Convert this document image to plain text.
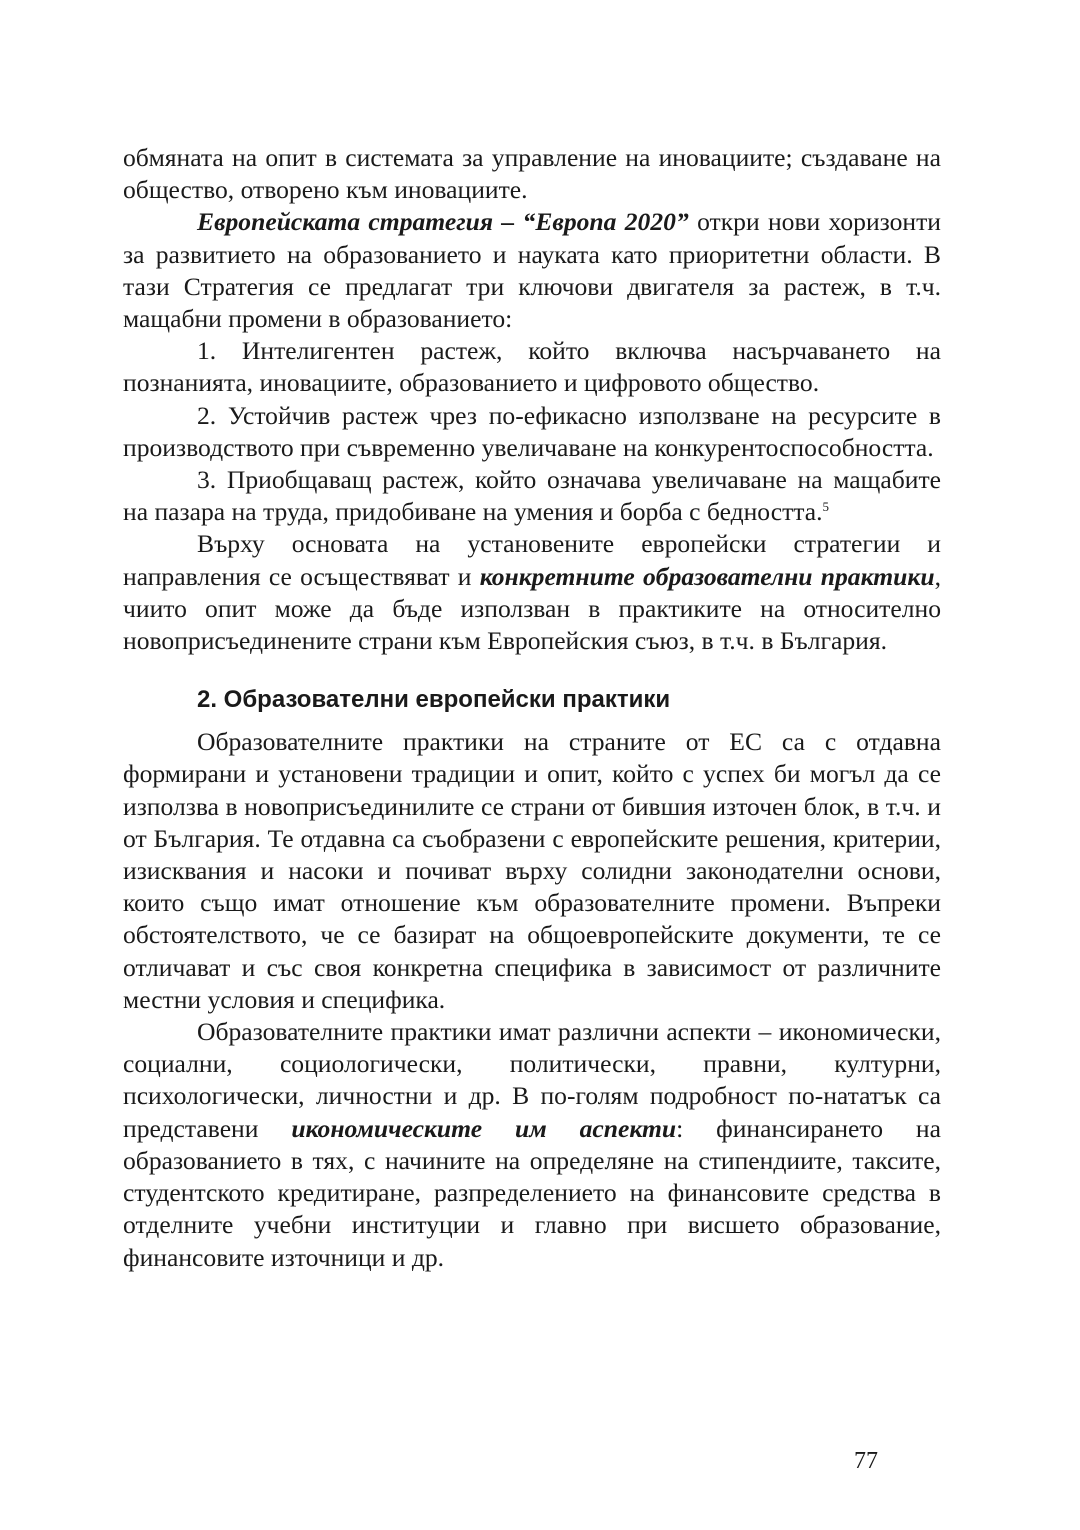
обмяната на опит в системата за управление на иновациите; създаване на общество, отворено към иновациите.

Европейската стратегия – “Европа 2020” откри нови хоризонти за развитието на образованието и науката като приоритетни области. В тази Стратегия се предлагат три ключови двигателя за растеж, в т.ч. мащабни промени в образованието:

1. Интелигентен растеж, който включва насърчаването на познанията, иновациите, образованието и цифровото общество.

2. Устойчив растеж чрез по-ефикасно използване на ресурсите в производството при съвременно увеличаване на конкурентоспособността.

3. Приобщаващ растеж, който означава увеличаване на мащабите на пазара на труда, придобиване на умения и борба с бедността.$^5$

Върху основата на установените европейски стратегии и направления се осъществяват и конкретните образователни практики, чиито опит може да бъде използван в практиките на относително новоприсъединените страни към Европейския съюз, в т.ч. в България.

2. Образователни европейски практики

Образователните практики на страните от ЕС са с отдавна формирани и установени традиции и опит, който с успех би могъл да се използва в новоприсъединилите се страни от бившия източен блок, в т.ч. и от България. Те отдавна са съобразени с европейските решения, критерии, изисквания и насоки и почиват върху солидни законодателни основи, които също имат отношение към образователните промени. Въпреки обстоятелството, че се базират на общоевропейските документи, те се отличават и със своя конкретна специфика в зависимост от различните местни условия и специфика.

Образователните практики имат различни аспекти – икономически, социални, социологически, политически, правни, културни, психологически, личностни и др. В по-голям подробност по-нататък са представени икономическите им аспекти: финансирането на образованието в тях, с начините на определяне на стипендиите, таксите, студентското кредитиране, разпределението на финансовите средства в отделните учебни институции и главно при висшето образование, финансовите източници и др.

77
